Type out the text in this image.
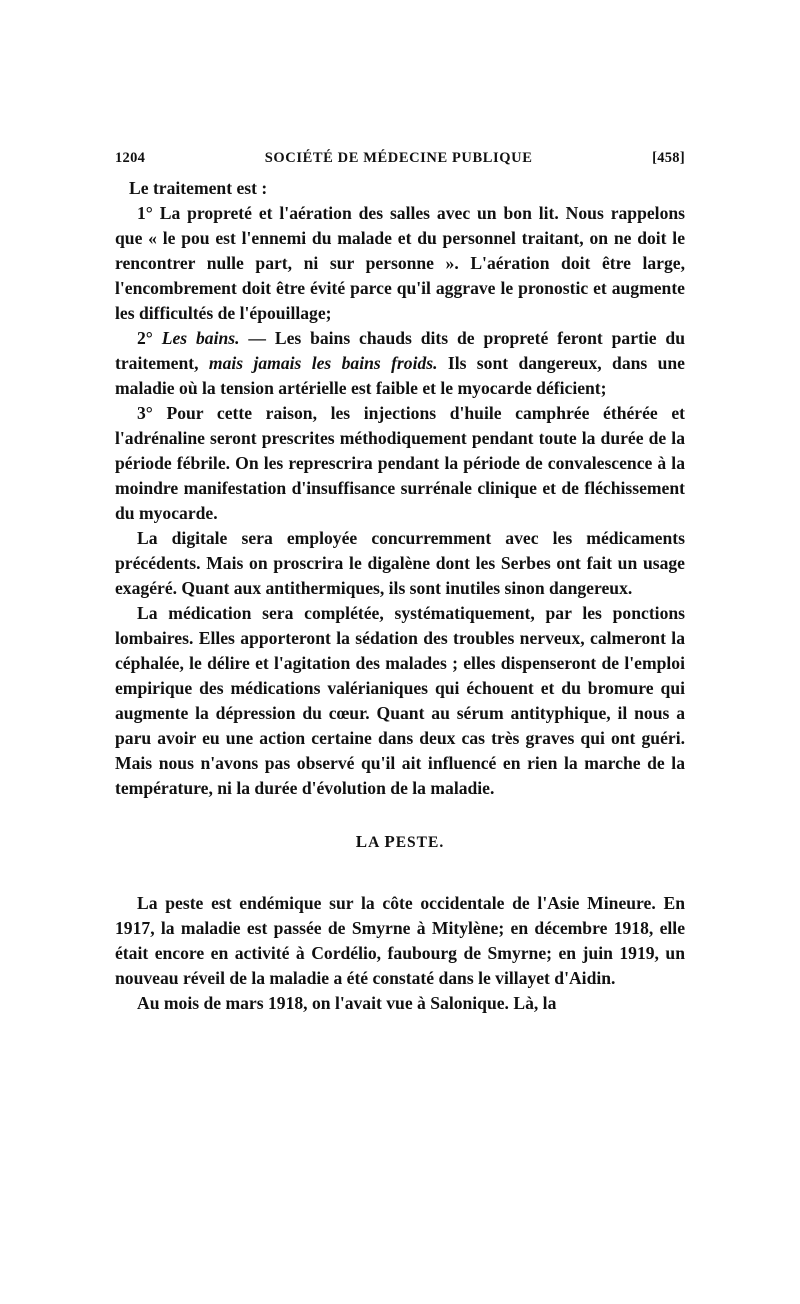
1204	SOCIÉTÉ DE MÉDECINE PUBLIQUE	[458]

Le traitement est :

1° La propreté et l'aération des salles avec un bon lit. Nous rappelons que « le pou est l'ennemi du malade et du personnel traitant, on ne doit le rencontrer nulle part, ni sur personne ». L'aération doit être large, l'encombrement doit être évité parce qu'il aggrave le pronostic et augmente les difficultés de l'épouillage;

2° Les bains. — Les bains chauds dits de propreté feront partie du traitement, mais jamais les bains froids. Ils sont dangereux, dans une maladie où la tension artérielle est faible et le myocarde déficient;

3° Pour cette raison, les injections d'huile camphrée éthérée et l'adrénaline seront prescrites méthodiquement pendant toute la durée de la période fébrile. On les represcrira pendant la période de convalescence à la moindre manifestation d'insuffisance surrénale clinique et de fléchissement du myocarde.

La digitale sera employée concurremment avec les médicaments précédents. Mais on proscrira le digalène dont les Serbes ont fait un usage exagéré. Quant aux antithermiques, ils sont inutiles sinon dangereux.

La médication sera complétée, systématiquement, par les ponctions lombaires. Elles apporteront la sédation des troubles nerveux, calmeront la céphalée, le délire et l'agitation des malades ; elles dispenseront de l'emploi empirique des médications valérianiques qui échouent et du bromure qui augmente la dépression du cœur. Quant au sérum antityphique, il nous a paru avoir eu une action certaine dans deux cas très graves qui ont guéri. Mais nous n'avons pas observé qu'il ait influencé en rien la marche de la température, ni la durée d'évolution de la maladie.

LA PESTE.

La peste est endémique sur la côte occidentale de l'Asie Mineure. En 1917, la maladie est passée de Smyrne à Mitylène; en décembre 1918, elle était encore en activité à Cordélio, faubourg de Smyrne; en juin 1919, un nouveau réveil de la maladie a été constaté dans le villayet d'Aidin.

Au mois de mars 1918, on l'avait vue à Salonique. Là, la
